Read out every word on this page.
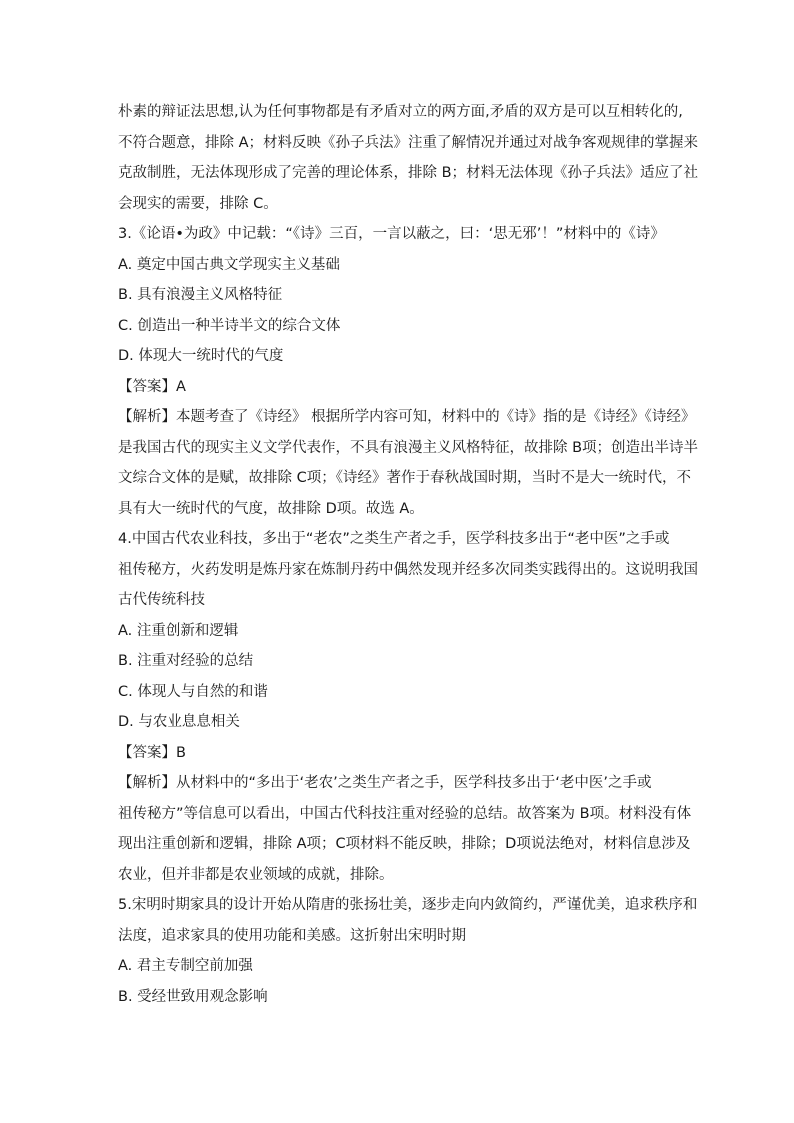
朴素的辩证法思想,认为任何事物都是有矛盾对立的两方面,矛盾的双方是可以互相转化的,
不符合题意，排除 A；材料反映《孙子兵法》注重了解情况并通过对战争客观规律的掌握来
克敌制胜，无法体现形成了完善的理论体系，排除 B；材料无法体现《孙子兵法》适应了社
会现实的需要，排除 C。
3.《论语•为政》中记载：“《诗》三百，一言以蔽之，曰：‘思无邪’！”材料中的《诗》
A. 奠定中国古典文学现实主义基础
B. 具有浪漫主义风格特征
C. 创造出一种半诗半文的综合文体
D. 体现大一统时代的气度
【答案】A
【解析】本题考查了《诗经》 根据所学内容可知，材料中的《诗》指的是《诗经》《诗经》
是我国古代的现实主义文学代表作，不具有浪漫主义风格特征，故排除 B项；创造出半诗半
文综合文体的是赋，故排除 C项；《诗经》著作于春秋战国时期，当时不是大一统时代，不
具有大一统时代的气度，故排除 D项。故选 A。
4.中国古代农业科技，多出于“老农”之类生产者之手，医学科技多出于“老中医”之手或
祖传秘方，火药发明是炼丹家在炼制丹药中偶然发现并经多次同类实践得出的。这说明我国
古代传统科技
A. 注重创新和逻辑
B. 注重对经验的总结
C. 体现人与自然的和谐
D. 与农业息息相关
【答案】B
【解析】从材料中的“多出于‘老农’之类生产者之手，医学科技多出于‘老中医’之手或
祖传秘方”等信息可以看出，中国古代科技注重对经验的总结。故答案为 B项。材料没有体
现出注重创新和逻辑，排除 A项；C项材料不能反映，排除；D项说法绝对，材料信息涉及
农业，但并非都是农业领域的成就，排除。
5.宋明时期家具的设计开始从隋唐的张扬壮美，逐步走向内敛简约，严谨优美，追求秩序和
法度，追求家具的使用功能和美感。这折射出宋明时期
A. 君主专制空前加强
B. 受经世致用观念影响
